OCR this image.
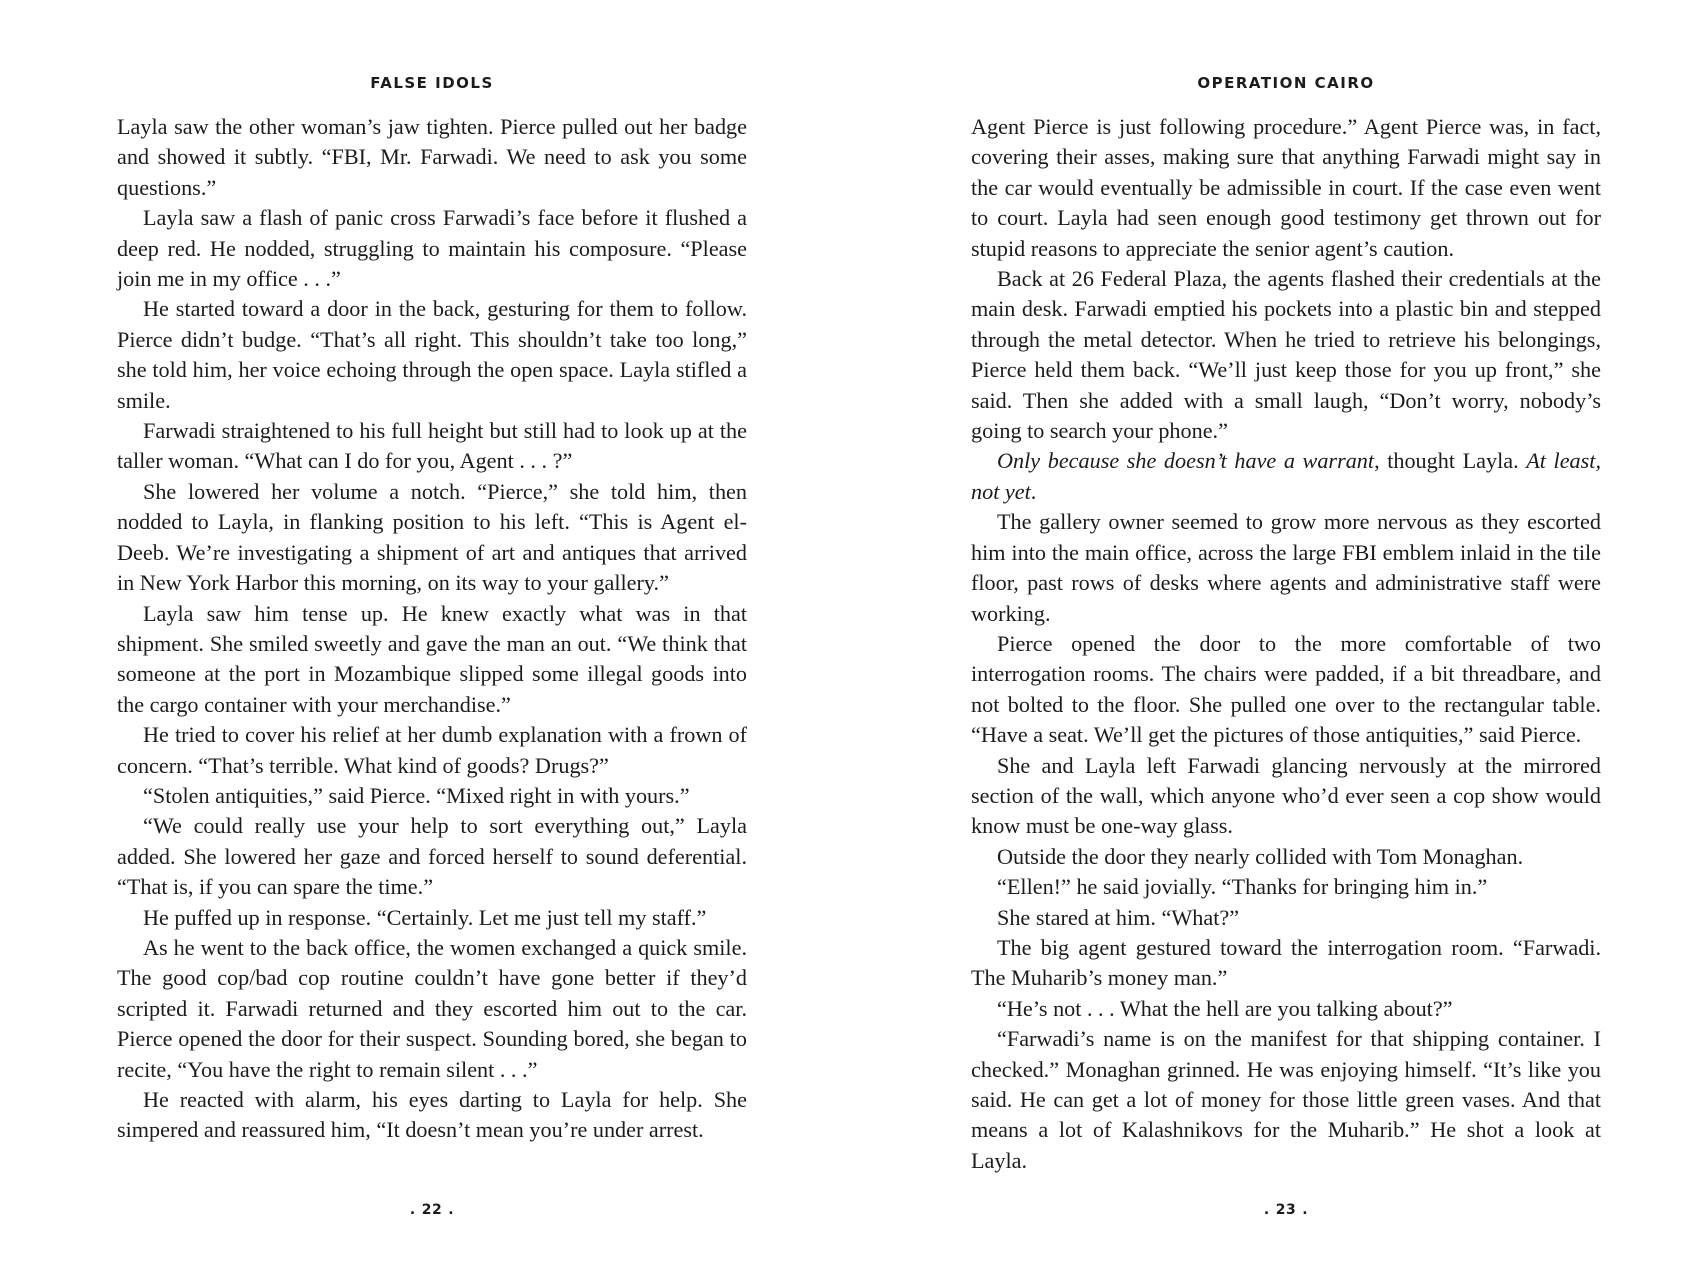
FALSE IDOLS

Layla saw the other woman’s jaw tighten. Pierce pulled out her badge and showed it subtly. “FBI, Mr. Farwadi. We need to ask you some questions.”

Layla saw a flash of panic cross Farwadi’s face before it flushed a deep red. He nodded, struggling to maintain his composure. “Please join me in my office . . .”

He started toward a door in the back, gesturing for them to follow. Pierce didn’t budge. “That’s all right. This shouldn’t take too long,” she told him, her voice echoing through the open space. Layla stifled a smile.

Farwadi straightened to his full height but still had to look up at the taller woman. “What can I do for you, Agent . . . ?”

She lowered her volume a notch. “Pierce,” she told him, then nodded to Layla, in flanking position to his left. “This is Agent el-Deeb. We’re investigating a shipment of art and antiques that arrived in New York Harbor this morning, on its way to your gallery.”

Layla saw him tense up. He knew exactly what was in that shipment. She smiled sweetly and gave the man an out. “We think that someone at the port in Mozambique slipped some illegal goods into the cargo container with your merchandise.”

He tried to cover his relief at her dumb explanation with a frown of concern. “That’s terrible. What kind of goods? Drugs?”

“Stolen antiquities,” said Pierce. “Mixed right in with yours.”

“We could really use your help to sort everything out,” Layla added. She lowered her gaze and forced herself to sound deferential. “That is, if you can spare the time.”

He puffed up in response. “Certainly. Let me just tell my staff.”

As he went to the back office, the women exchanged a quick smile. The good cop/bad cop routine couldn’t have gone better if they’d scripted it. Farwadi returned and they escorted him out to the car. Pierce opened the door for their suspect. Sounding bored, she began to recite, “You have the right to remain silent . . .”

He reacted with alarm, his eyes darting to Layla for help. She simpered and reassured him, “It doesn’t mean you’re under arrest.

. 22 .
OPERATION CAIRO

Agent Pierce is just following procedure.” Agent Pierce was, in fact, covering their asses, making sure that anything Farwadi might say in the car would eventually be admissible in court. If the case even went to court. Layla had seen enough good testimony get thrown out for stupid reasons to appreciate the senior agent’s caution.

Back at 26 Federal Plaza, the agents flashed their credentials at the main desk. Farwadi emptied his pockets into a plastic bin and stepped through the metal detector. When he tried to retrieve his belongings, Pierce held them back. “We’ll just keep those for you up front,” she said. Then she added with a small laugh, “Don’t worry, nobody’s going to search your phone.”

Only because she doesn’t have a warrant, thought Layla. At least, not yet.

The gallery owner seemed to grow more nervous as they escorted him into the main office, across the large FBI emblem inlaid in the tile floor, past rows of desks where agents and administrative staff were working.

Pierce opened the door to the more comfortable of two interrogation rooms. The chairs were padded, if a bit threadbare, and not bolted to the floor. She pulled one over to the rectangular table. “Have a seat. We’ll get the pictures of those antiquities,” said Pierce.

She and Layla left Farwadi glancing nervously at the mirrored section of the wall, which anyone who’d ever seen a cop show would know must be one-way glass.

Outside the door they nearly collided with Tom Monaghan.

“Ellen!” he said jovially. “Thanks for bringing him in.”

She stared at him. “What?”

The big agent gestured toward the interrogation room. “Farwadi. The Muharib’s money man.”

“He’s not . . . What the hell are you talking about?”

“Farwadi’s name is on the manifest for that shipping container. I checked.” Monaghan grinned. He was enjoying himself. “It’s like you said. He can get a lot of money for those little green vases. And that means a lot of Kalashnikovs for the Muharib.” He shot a look at Layla.

. 23 .
